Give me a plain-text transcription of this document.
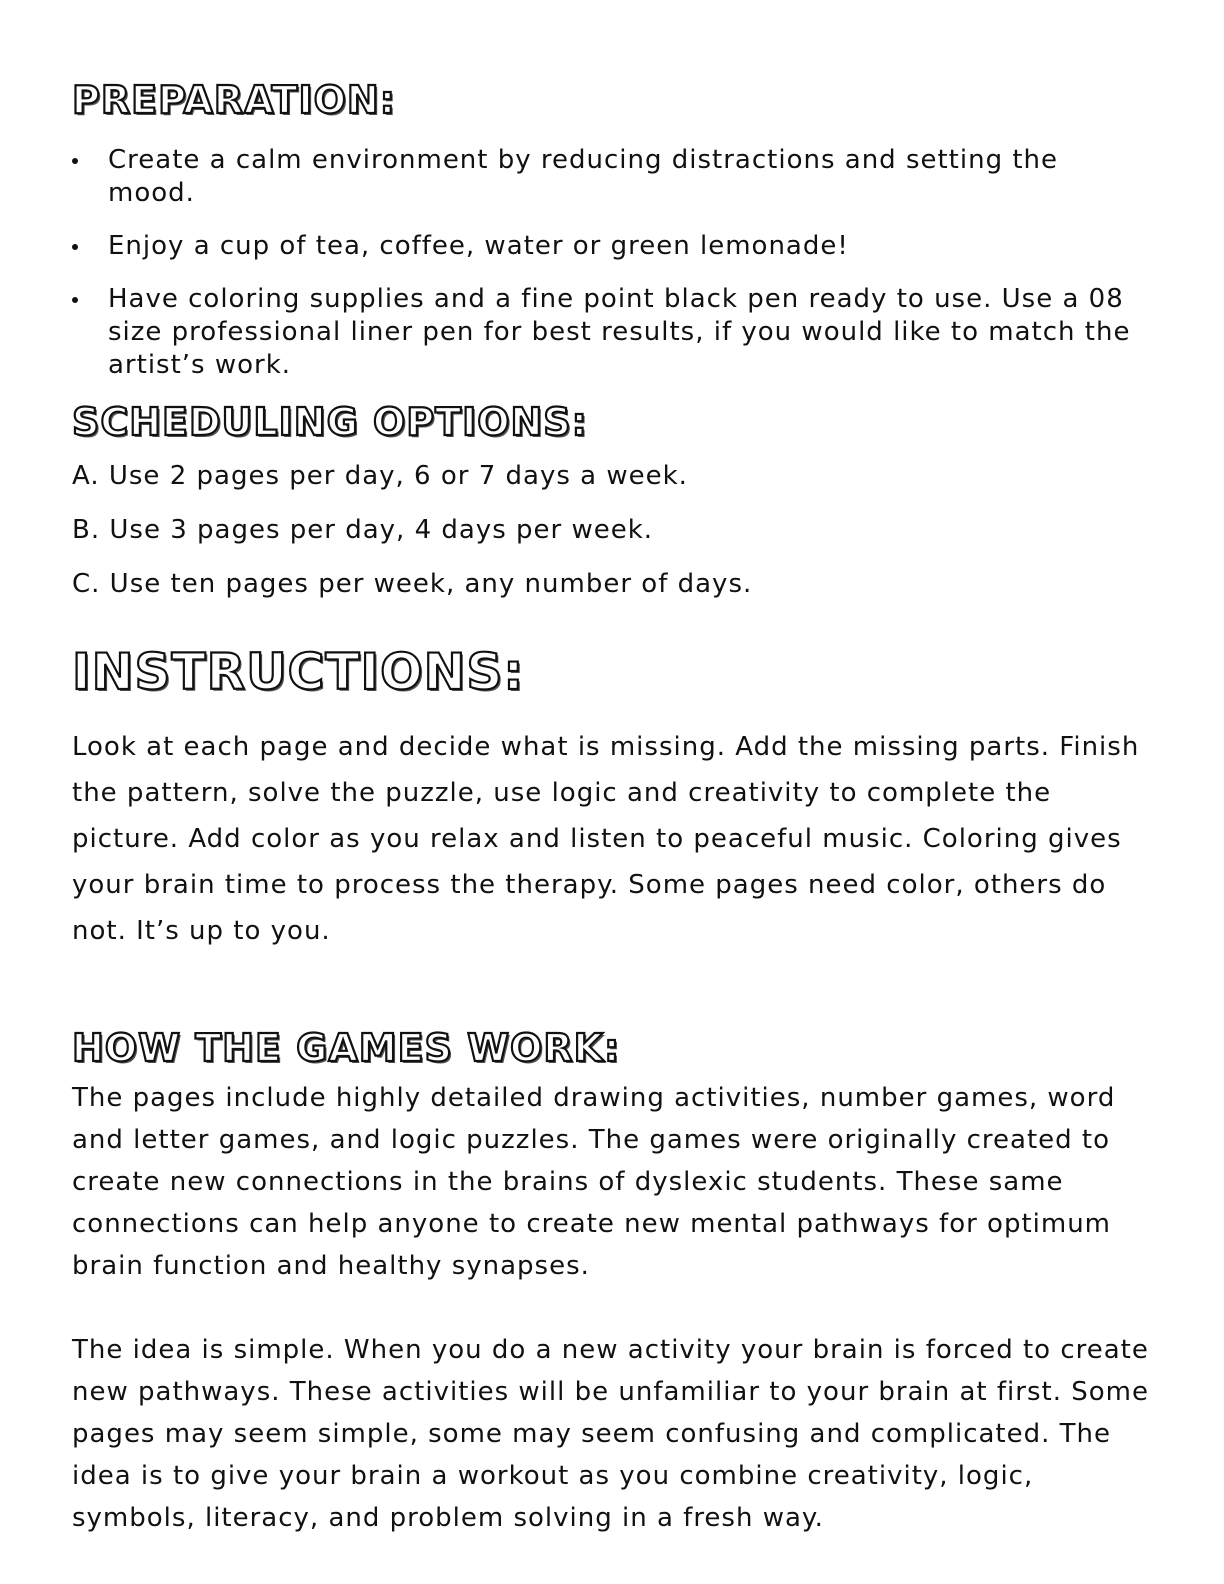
PREPARATION:
Create a calm environment by reducing distractions and setting the mood.
Enjoy a cup of tea, coffee, water or green lemonade!
Have coloring supplies and a fine point black pen ready to use. Use a 08 size professional liner pen for best results, if you would like to match the artist’s work.
SCHEDULING OPTIONS:

A. Use 2 pages per day, 6 or 7 days a week.

B. Use 3 pages per day, 4 days per week.

C. Use ten pages per week, any number of days.

INSTRUCTIONS:

Look at each page and decide what is missing. Add the missing parts. Finish the pattern, solve the puzzle, use logic and creativity to complete the picture. Add color as you relax and listen to peaceful music. Coloring gives your brain time to process the therapy. Some pages need color, others do not. It’s up to you.

HOW THE GAMES WORK:

The pages include highly detailed drawing activities, number games, word and letter games, and logic puzzles. The games were originally created to create new connections in the brains of dyslexic students. These same connections can help anyone to create new mental pathways for optimum brain function and healthy synapses.

The idea is simple. When you do a new activity your brain is forced to create new pathways. These activities will be unfamiliar to your brain at first. Some pages may seem simple, some may seem confusing and complicated. The idea is to give your brain a workout as you combine creativity, logic, symbols, literacy, and problem solving in a fresh way.
